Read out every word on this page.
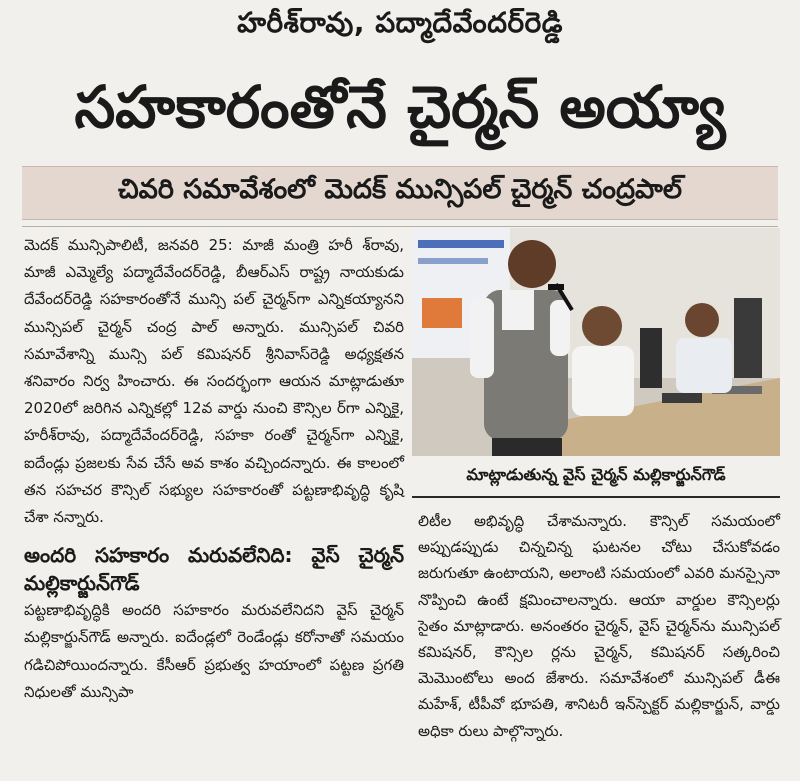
హరీశ్‌రావు, పద్మాదేవేందర్‌రెడ్డి
సహకారంతోనే చైర్మన్ అయ్యా
చివరి సమావేశంలో మెదక్ మున్సిపల్ చైర్మన్ చంద్రపాల్

మెదక్ మున్సిపాలిటీ, జనవరి 25: మాజీ మంత్రి హరీ శ్‌రావు, మాజీ ఎమ్మెల్యే పద్మాదేవేందర్‌రెడ్డి, బీఆర్‌ఎస్ రాష్ట్ర నాయకుడు దేవేందర్‌రెడ్డి సహకారంతోనే మున్సి పల్ చైర్మన్‌గా ఎన్నికయ్యానని మున్సిపల్ చైర్మన్ చంద్ర పాల్ అన్నారు. మున్సిపల్ చివరి సమావేశాన్ని మున్సి పల్ కమిషనర్ శ్రీనివాస్‌రెడ్డి అధ్యక్షతన శనివారం నిర్వ హించారు. ఈ సందర్భంగా ఆయన మాట్లాడుతూ 2020లో జరిగిన ఎన్నికల్లో 12వ వార్డు నుంచి కౌన్సిల ర్‌గా ఎన్నికై, హరీశ్‌రావు, పద్మాదేవేందర్‌రెడ్డి, సహకా రంతో చైర్మన్‌గా ఎన్నికై, ఐదేండ్లు ప్రజలకు సేవ చేసే అవ కాశం వచ్చిందన్నారు. ఈ కాలంలో తన సహచర కౌన్సిల్ సభ్యుల సహకారంతో పట్టణాభివృద్ధి కృషి చేశా నన్నారు.

అందరి సహకారం మరువలేనిది: వైస్ చైర్మన్ మల్లికార్జున్‌గౌడ్

పట్టణాభివృద్ధికి అందరి సహకారం మరువలేనిదని వైస్ చైర్మన్ మల్లికార్జున్‌గౌడ్ అన్నారు. ఐదేండ్లలో రెండేండ్లు కరోనాతో సమయం గడిచిపోయిందన్నారు. కేసీఆర్ ప్రభుత్వ హయాంలో పట్టణ ప్రగతి నిధులతో మున్సిపా

మాట్లాడుతున్న వైస్ చైర్మన్ మల్లికార్జున్‌గౌడ్

లిటీల అభివృద్ధి చేశామన్నారు. కౌన్సిల్ సమయంలో అప్పుడప్పుడు చిన్నచిన్న ఘటనల చోటు చేసుకోవడం జరుగుతూ ఉంటాయని, అలాంటి సమయంలో ఎవరి మనస్సైనా నొప్పించి ఉంటే క్షమించాలన్నారు. ఆయా వార్డుల కౌన్సిలర్లు సైతం మాట్లాడారు. అనంతరం చైర్మన్, వైస్ చైర్మన్‌ను మున్సిపల్ కమిషనర్, కౌన్సిల ర్లను చైర్మన్, కమిషనర్ సత్కరించి మెమొంటోలు అంద జేశారు. సమావేశంలో మున్సిపల్ డీఈ మహేశ్, టీపీవో భూపతి, శానిటరీ ఇన్‌స్పెక్టర్ మల్లికార్జున్, వార్డు అధికా రులు పాల్గొన్నారు.
